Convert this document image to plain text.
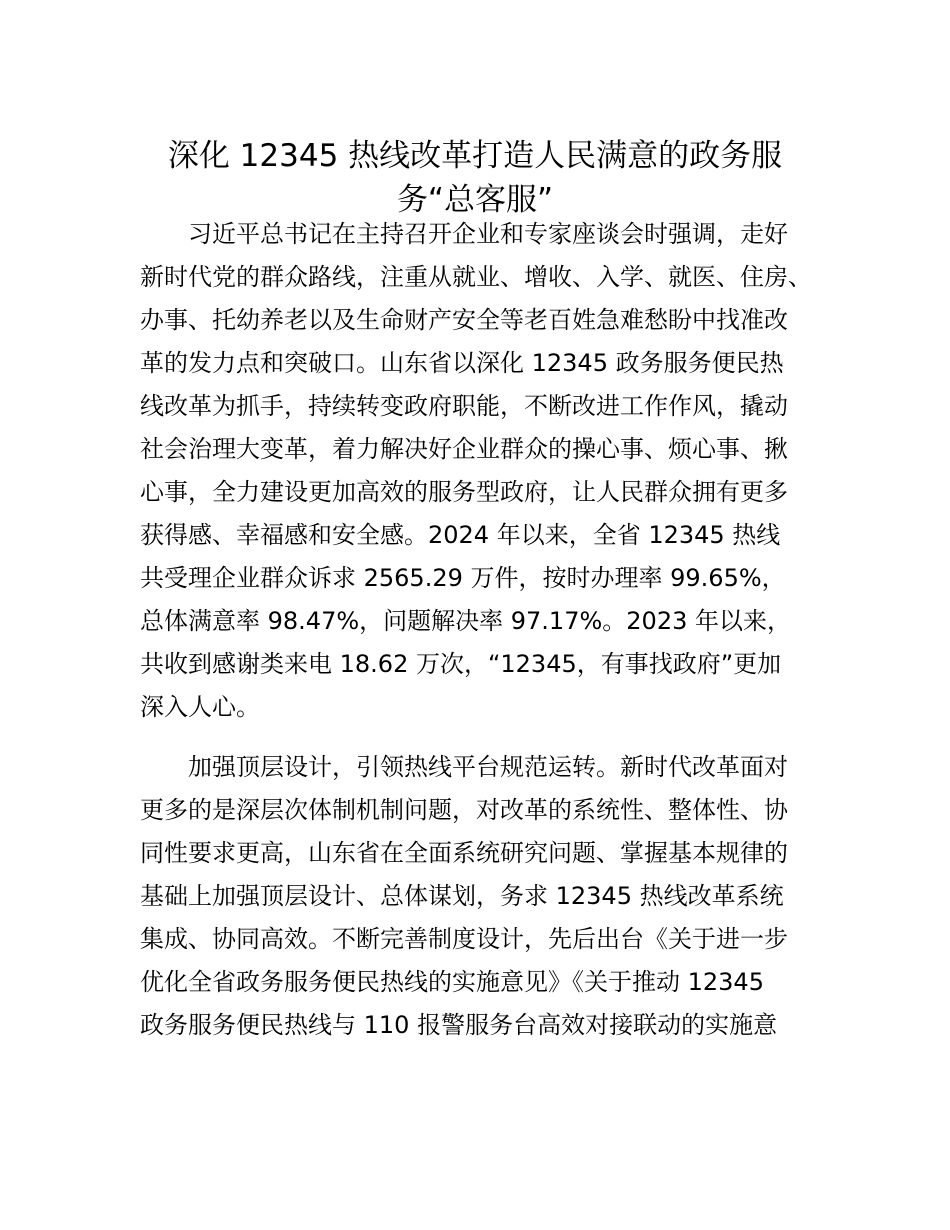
深化 12345 热线改革打造人民满意的政务服务“总客服”
习近平总书记在主持召开企业和专家座谈会时强调，走好
新时代党的群众路线，注重从就业、增收、入学、就医、住房、
办事、托幼养老以及生命财产安全等老百姓急难愁盼中找准改
革的发力点和突破口。山东省以深化 12345 政务服务便民热
线改革为抓手，持续转变政府职能，不断改进工作作风，撬动
社会治理大变革，着力解决好企业群众的操心事、烦心事、揪
心事，全力建设更加高效的服务型政府，让人民群众拥有更多
获得感、幸福感和安全感。2024 年以来，全省 12345 热线
共受理企业群众诉求 2565.29 万件，按时办理率 99.65%，
总体满意率 98.47%，问题解决率 97.17%。2023 年以来，
共收到感谢类来电 18.62 万次，“12345，有事找政府”更加
深入人心。
加强顶层设计，引领热线平台规范运转。新时代改革面对
更多的是深层次体制机制问题，对改革的系统性、整体性、协
同性要求更高，山东省在全面系统研究问题、掌握基本规律的
基础上加强顶层设计、总体谋划，务求 12345 热线改革系统
集成、协同高效。不断完善制度设计，先后出台《关于进一步
优化全省政务服务便民热线的实施意见》《关于推动 12345
政务服务便民热线与 110 报警服务台高效对接联动的实施意
